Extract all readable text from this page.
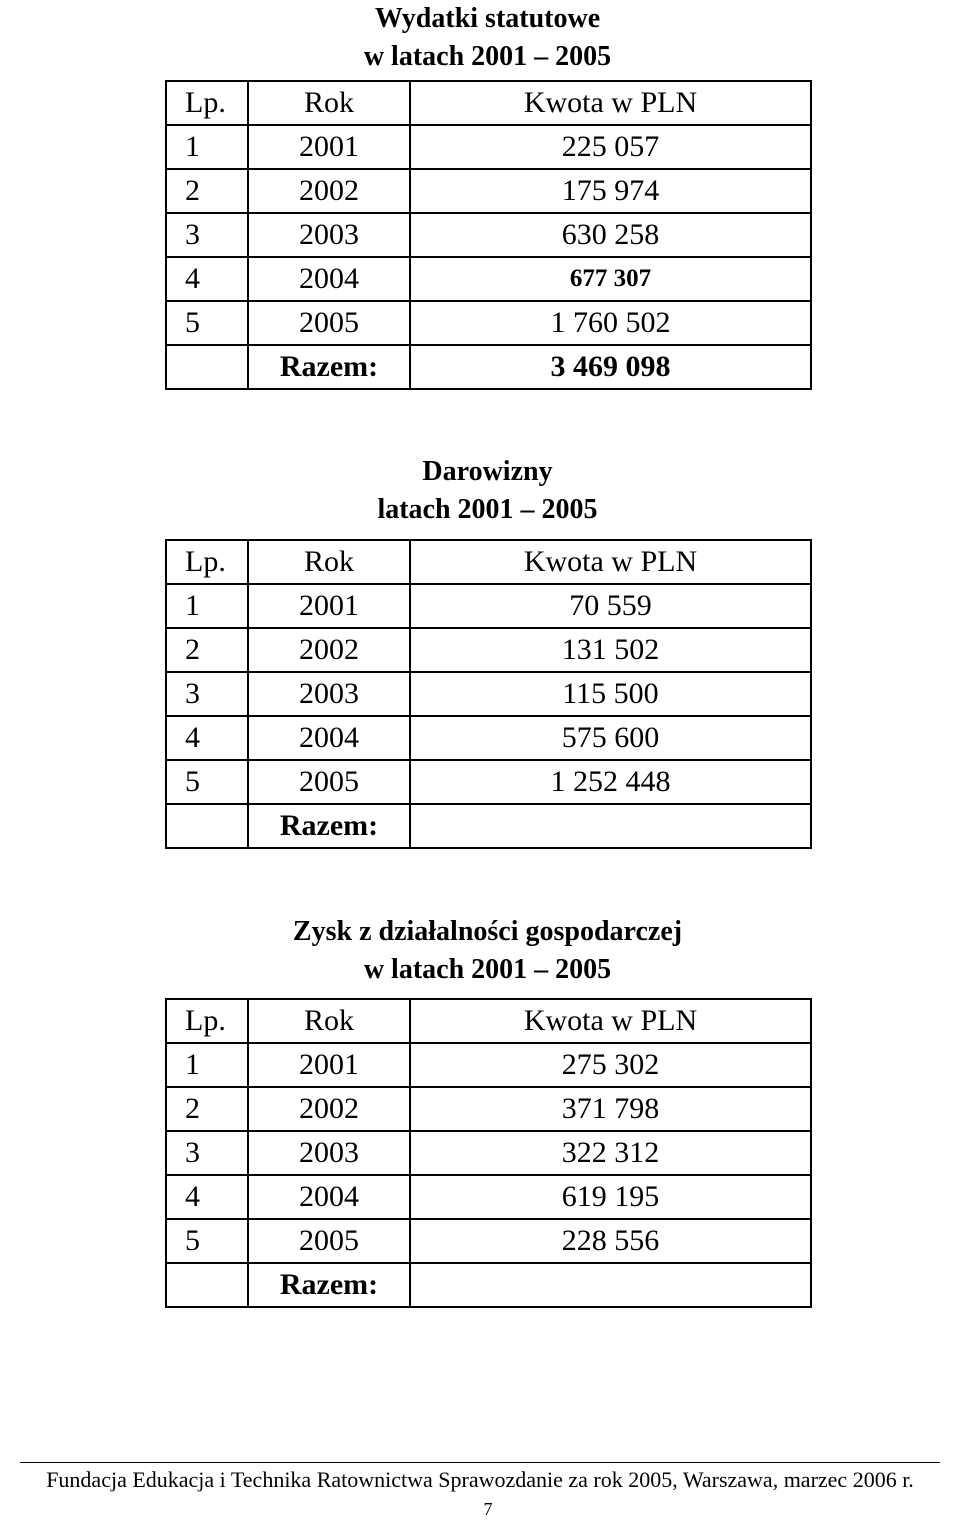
Wydatki statutowe
w latach 2001 – 2005
Lp.	Rok	Kwota w PLN
1	2001	225 057
2	2002	175 974
3	2003	630 258
4	2004	677 307
5	2005	1 760 502
	Razem:	3 469 098
Darowizny
latach 2001 – 2005
Lp.	Rok	Kwota w PLN
1	2001	70 559
2	2002	131 502
3	2003	115 500
4	2004	575 600
5	2005	1 252 448
	Razem:	
Zysk z działalności gospodarczej
w latach 2001 – 2005
Lp.	Rok	Kwota w PLN
1	2001	275 302
2	2002	371 798
3	2003	322 312
4	2004	619 195
5	2005	228 556
	Razem:	
Fundacja Edukacja i Technika Ratownictwa Sprawozdanie za rok 2005, Warszawa, marzec 2006 r.
7
